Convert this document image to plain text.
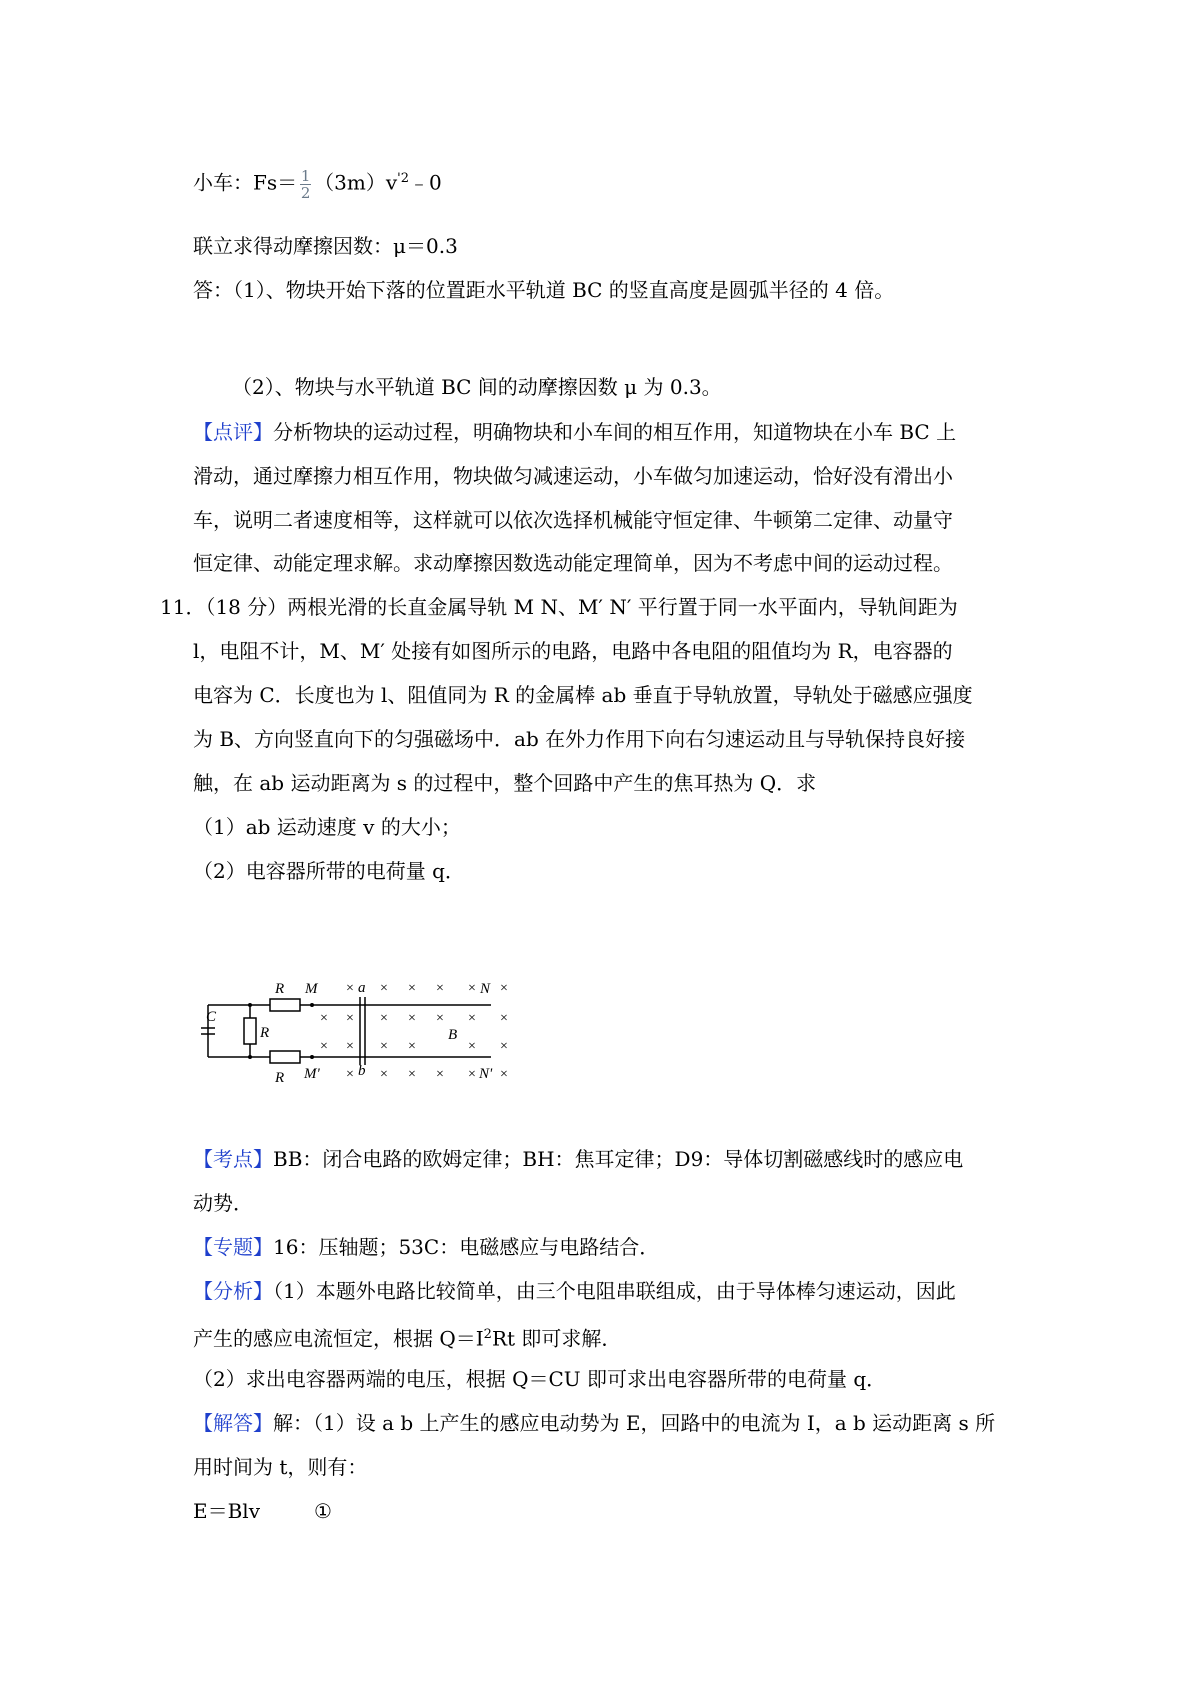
小车：$Fs= \frac{1}{2}$ $(3m)v^{'2}﹣0$
联立求得动摩擦因数：μ＝0.3
答：（1）、物块开始下落的位置距水平轨道 BC 的竖直高度是圆弧半径的 4 倍。
（2）、物块与水平轨道 BC 间的动摩擦因数 μ 为 0.3。
【点评】分析物块的运动过程，明确物块和小车间的相互作用，知道物块在小车 BC 上
滑动，通过摩擦力相互作用，物块做匀减速运动，小车做匀加速运动，恰好没有滑出小
车，说明二者速度相等，这样就可以依次选择机械能守恒定律、牛顿第二定律、动量守
恒定律、动能定理求解。求动摩擦因数选动能定理简单，因为不考虑中间的运动过程。
11．（18 分）两根光滑的长直金属导轨 M N、M′ N′ 平行置于同一水平面内，导轨间距为
l，电阻不计，M、M′ 处接有如图所示的电路，电路中各电阻的阻值均为 R，电容器的
电容为 C．长度也为 l、阻值同为 R 的金属棒 ab 垂直于导轨放置，导轨处于磁感应强度
为 B、方向竖直向下的匀强磁场中．ab 在外力作用下向右匀速运动且与导轨保持良好接
触，在 ab 运动距离为 s 的过程中，整个回路中产生的焦耳热为 Q．求
（1）ab 运动速度 v 的大小；
（2）电容器所带的电荷量 q．
R M	a	N
C
R	B
R M'	b	N'
× × × × × ×
× × × × × × ×
× × × ×	× ×
× × × × × ×
【考点】BB：闭合电路的欧姆定律；BH：焦耳定律；D9：导体切割磁感线时的感应电
动势．
【专题】16：压轴题；53C：电磁感应与电路结合．
【分析】（1）本题外电路比较简单，由三个电阻串联组成，由于导体棒匀速运动，因此
产生的感应电流恒定，根据 $Q=I^2Rt$ 即可求解．
（2）求出电容器两端的电压，根据 Q＝CU 即可求出电容器所带的电荷量 q．
【解答】解：（1）设 a b 上产生的感应电动势为 E，回路中的电流为 I，a b 运动距离 s 所
用时间为 t，则有：
E＝Blv	①
